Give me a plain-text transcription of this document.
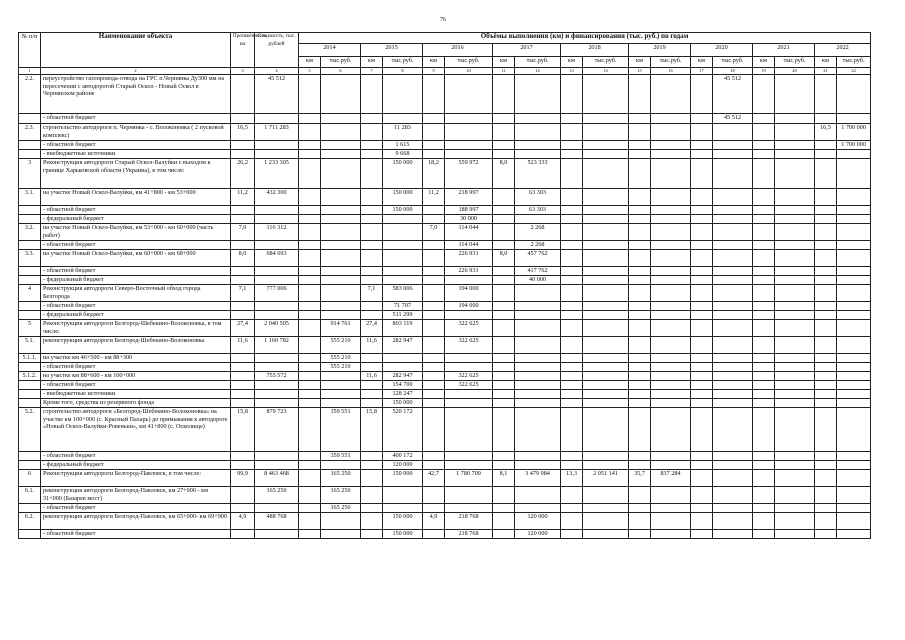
76
№ п/п	Наименование объекта	Протяжённость, км	Стоимость, тыс. рублей	Объёмы выполнения (км) и финансирования (тыс. руб.) по годам																	
				2014		2015		2016		2017		2018		2019		2020		2021		2022	
				км	тыс.руб.	км	тыс.руб.	км	тыс.руб.	км	тыс.руб.	км	тыс.руб.	км	тыс.руб.	км	тыс.руб.	км	тыс.руб.	км	тыс.руб.
1	2	3	4	5	6	7	8	9	10	11	12	13	14	15	16	17	18	19	20	21	22
2.2.	переустройство газопровода-отвода на ГРС п.Чернянка Ду300 мм на пересечении с автодорогой Старый Оскол - Новый Оскол в Чернянском районе		45 512														45 512				
	- областной бюджет																45 512				
2.3.	строительство автодороги п. Чернянка - с. Волоконовка ( 2 пусковой комплекс)	16,5	1 711 283				11 283													16,5	1 700 000
	- областной бюджет						1 615														1 700 000
	- внебюджетные источники						9 668														
3	Реконструкция автодороги Старый Оскол-Валуйки с выходом к границе Харьковской области (Украина), в том числе:	26,2	1 233 305				150 000	18,2	559 972	8,0	523 333										
3.1.	на участке Новый Оскол-Валуйки, км 41+800 - км 53+000	11,2	432 300				150 000	11,2	218 997		63 303										
	- областной бюджет						150 000		188 997		63 303										
	- федеральный бюджет								30 000												
3.2.	на участке Новый Оскол-Валуйки, км 53+000 - км 60+000 (часть работ)	7,0	116 312					7,0	114 044		2 268										
	- областной бюджет								114 044		2 268										
3.3.	на участке Новый Оскол-Валуйки, км 60+000 - км 68+000	8,0	684 693						226 931	8,0	457 762										
	- областной бюджет								226 931		417 762										
	- федеральный бюджет										40 000										
4	Реконструкция автодороги Северо-Восточный обход города Белгорода	7,1	777 006			7,1	583 006		194 000												
	- областной бюджет						71 707		194 000												
	- федеральный бюджет						511 299														
5	Реконструкция автодороги Белгород-Шебекино-Волоконовка, в том числе:	27,4	2 040 505		914 761	27,4	803 119		322 625												
5.1.	реконструкция автодороги Белгород-Шебекино-Волоконовка	11,6	1 160 782		555 210	11,6	282 947		322 625												
5.1.1.	на участке км 46+500 - км 88+300				555 210																
	- областной бюджет				555 210																
5.1.2.	на участке км 88+600 - км 100+000		755 572			11,6	282 947		322 625												
	- областной бюджет						154 700		322 625												
	- внебюджетные источники						128 247														
	Кроме того, средства из резервного фонда						150 000														
5.2.	строительство автодороги «Белгород-Шебекино-Волоконовка» на участке км 100+000 (с. Красный Пахарь) до примыкания к автодороге «Новый Оскол-Валуйки-Ровеньки», км 41+800 (с. Осколище)	15,8	879 723		359 551	15,8	520 172														
	- областной бюджет				359 551		400 172														
	- федеральный бюджет						120 000														
6	Реконструкция автодороги Белгород-Павловск, в том числе:	99,9	8 463 468		165 250		150 000	42,7	1 780 709	8,1	3 479 084	13,3	2 051 141	35,7	837 284						
6.1.	реконструкция автодороги Белгород-Павловск, км 27+000 - км 31+000 (Базарев мост)		165 250		165 250																
	- областной бюджет				165 250																
6.2.	реконструкция автодороги Белгород-Павловск, км 65+000- км 69+900	4,9	488 768				150 000	4,9	218 768		120 000										
	- областной бюджет						150 000		218 768		120 000										
